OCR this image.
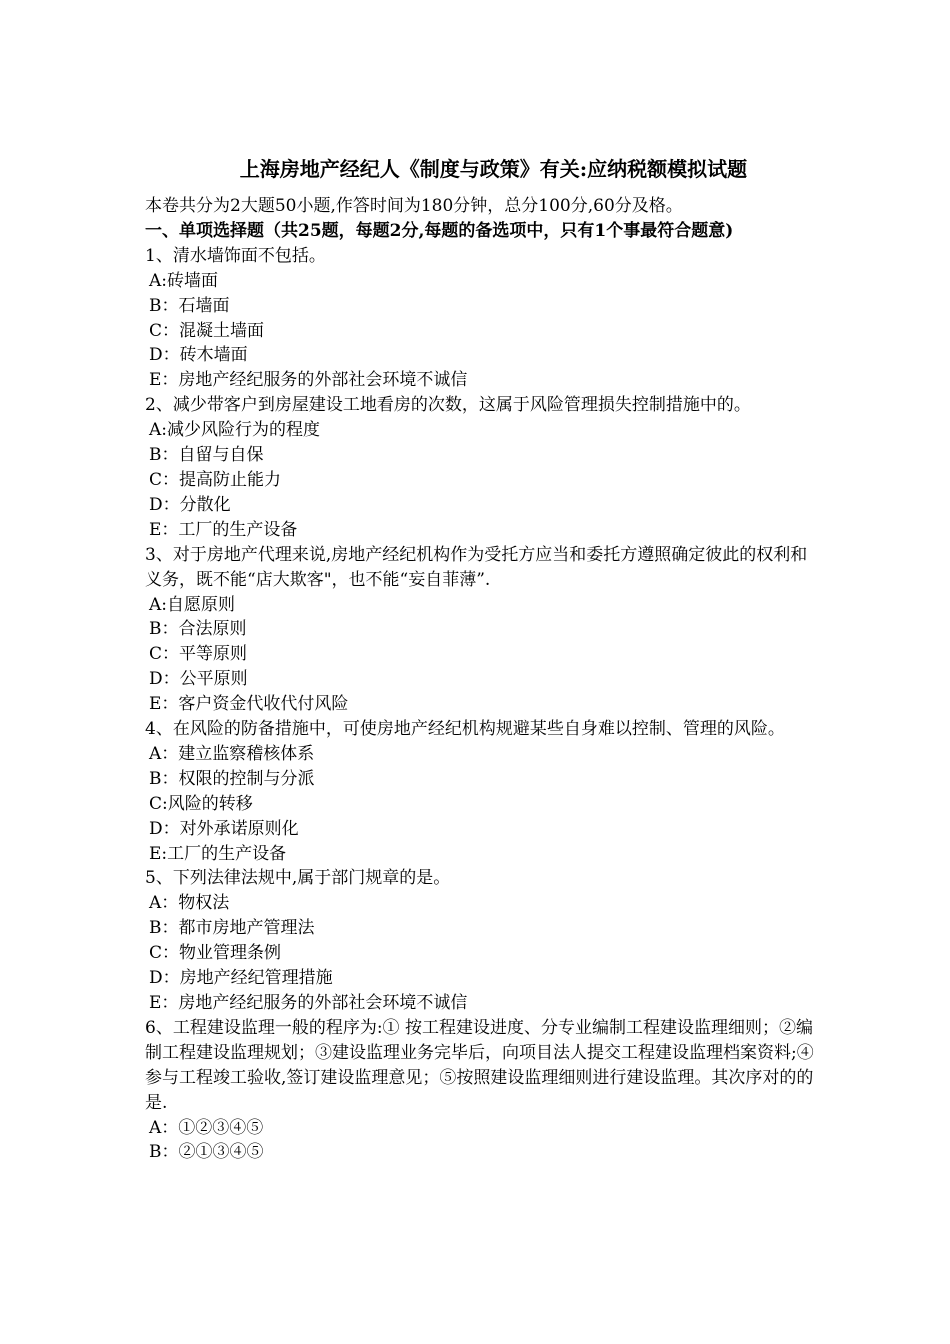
上海房地产经纪人《制度与政策》有关:应纳税额模拟试题

本卷共分为2大题50小题,作答时间为180分钟，总分100分,60分及格。

一、单项选择题（共25题，每题2分,每题的备选项中，只有1个事最符合题意)

1、清水墙饰面不包括。

A:砖墙面

B：石墙面

C：混凝土墙面

D：砖木墙面

E：房地产经纪服务的外部社会环境不诚信

2、减少带客户到房屋建设工地看房的次数，这属于风险管理损失控制措施中的。

A:减少风险行为的程度

B：自留与自保

C：提高防止能力

D：分散化

E：工厂的生产设备

3、对于房地产代理来说,房地产经纪机构作为受托方应当和委托方遵照确定彼此的权利和义务，既不能“店大欺客"，也不能“妄自菲薄”.

A:自愿原则

B：合法原则

C：平等原则

D：公平原则

E：客户资金代收代付风险

4、在风险的防备措施中，可使房地产经纪机构规避某些自身难以控制、管理的风险。

A：建立监察稽核体系

B：权限的控制与分派

C:风险的转移

D：对外承诺原则化

E:工厂的生产设备

5、下列法律法规中,属于部门规章的是。

A：物权法

B：都市房地产管理法

C：物业管理条例

D：房地产经纪管理措施

E：房地产经纪服务的外部社会环境不诚信

6、工程建设监理一般的程序为:① 按工程建设进度、分专业编制工程建设监理细则；②编制工程建设监理规划；③建设监理业务完毕后，向项目法人提交工程建设监理档案资料;④ 参与工程竣工验收,签订建设监理意见；⑤按照建设监理细则进行建设监理。其次序对的的是.

A：①②③④⑤

B：②①③④⑤
